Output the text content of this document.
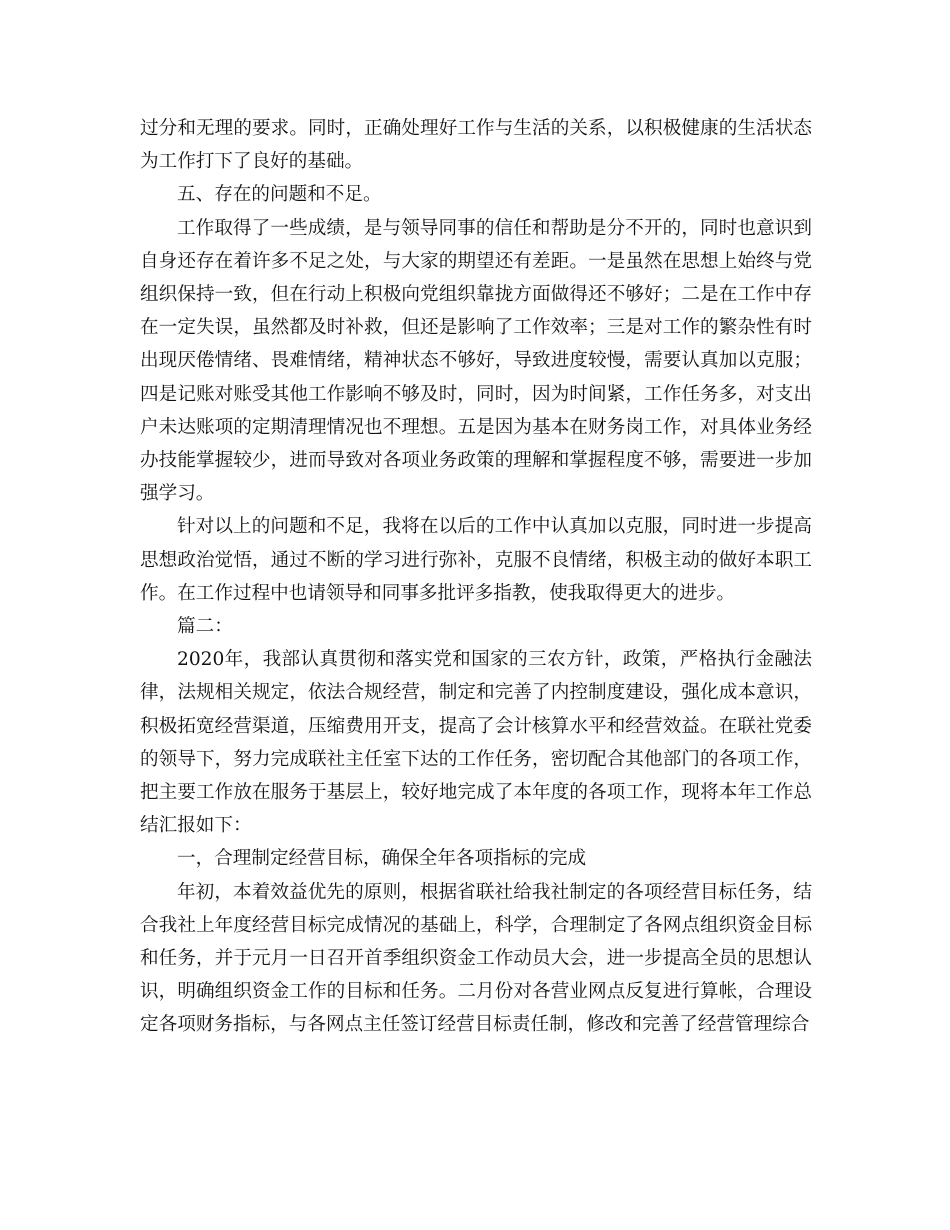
过分和无理的要求。同时，正确处理好工作与生活的关系，以积极健康的生活状态为工作打下了良好的基础。

五、存在的问题和不足。

工作取得了一些成绩，是与领导同事的信任和帮助是分不开的，同时也意识到自身还存在着许多不足之处，与大家的期望还有差距。一是虽然在思想上始终与党组织保持一致，但在行动上积极向党组织靠拢方面做得还不够好；二是在工作中存在一定失误，虽然都及时补救，但还是影响了工作效率；三是对工作的繁杂性有时出现厌倦情绪、畏难情绪，精神状态不够好，导致进度较慢，需要认真加以克服；四是记账对账受其他工作影响不够及时，同时，因为时间紧，工作任务多，对支出户未达账项的定期清理情况也不理想。五是因为基本在财务岗工作，对具体业务经办技能掌握较少，进而导致对各项业务政策的理解和掌握程度不够，需要进一步加强学习。

针对以上的问题和不足，我将在以后的工作中认真加以克服，同时进一步提高思想政治觉悟，通过不断的学习进行弥补，克服不良情绪，积极主动的做好本职工作。在工作过程中也请领导和同事多批评多指教，使我取得更大的进步。

篇二：

2020年，我部认真贯彻和落实党和国家的三农方针，政策，严格执行金融法律，法规相关规定，依法合规经营，制定和完善了内控制度建设，强化成本意识，积极拓宽经营渠道，压缩费用开支，提高了会计核算水平和经营效益。在联社党委的领导下，努力完成联社主任室下达的工作任务，密切配合其他部门的各项工作，把主要工作放在服务于基层上，较好地完成了本年度的各项工作，现将本年工作总结汇报如下：

一，合理制定经营目标，确保全年各项指标的完成

年初，本着效益优先的原则，根据省联社给我社制定的各项经营目标任务，结合我社上年度经营目标完成情况的基础上，科学，合理制定了各网点组织资金目标和任务，并于元月一日召开首季组织资金工作动员大会，进一步提高全员的思想认识，明确组织资金工作的目标和任务。二月份对各营业网点反复进行算帐，合理设定各项财务指标，与各网点主任签订经营目标责任制，修改和完善了经营管理综合
